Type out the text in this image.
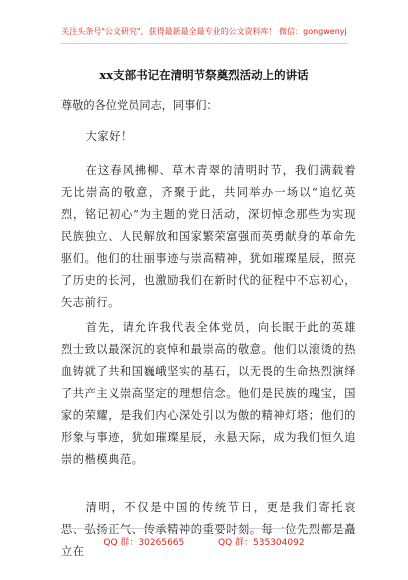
关注头条号"公文研究"，获得最新最全最专业的公文资料库！ 微信：gongwenyj
xx支部书记在清明节祭奠烈活动上的讲话

尊敬的各位党员同志，同事们：

大家好！

在这春风拂柳、草木青翠的清明时节，我们满载着无比崇高的敬意，齐聚于此，共同举办一场以“追忆英烈，铭记初心”为主题的党日活动，深切悼念那些为实现民族独立、人民解放和国家繁荣富强而英勇献身的革命先驱们。他们的壮丽事迹与崇高精神，犹如璀璨星辰，照亮了历史的长河，也激励我们在新时代的征程中不忘初心，矢志前行。

首先，请允许我代表全体党员，向长眠于此的英雄烈士致以最深沉的哀悼和最崇高的敬意。他们以滚烫的热血铸就了共和国巍峨坚实的基石，以无畏的生命热烈演绎了共产主义崇高坚定的理想信念。他们是民族的瑰宝，国家的荣耀，是我们内心深处引以为傲的精神灯塔；他们的形象与事迹，犹如璀璨星辰，永悬天际，成为我们恒久追崇的楷模典范。

清明，不仅是中国的传统节日，更是我们寄托哀思、弘扬正气、传承精神的重要时刻。每一位先烈都是矗立在

QQ 群：30265665	QQ 群：535304092
